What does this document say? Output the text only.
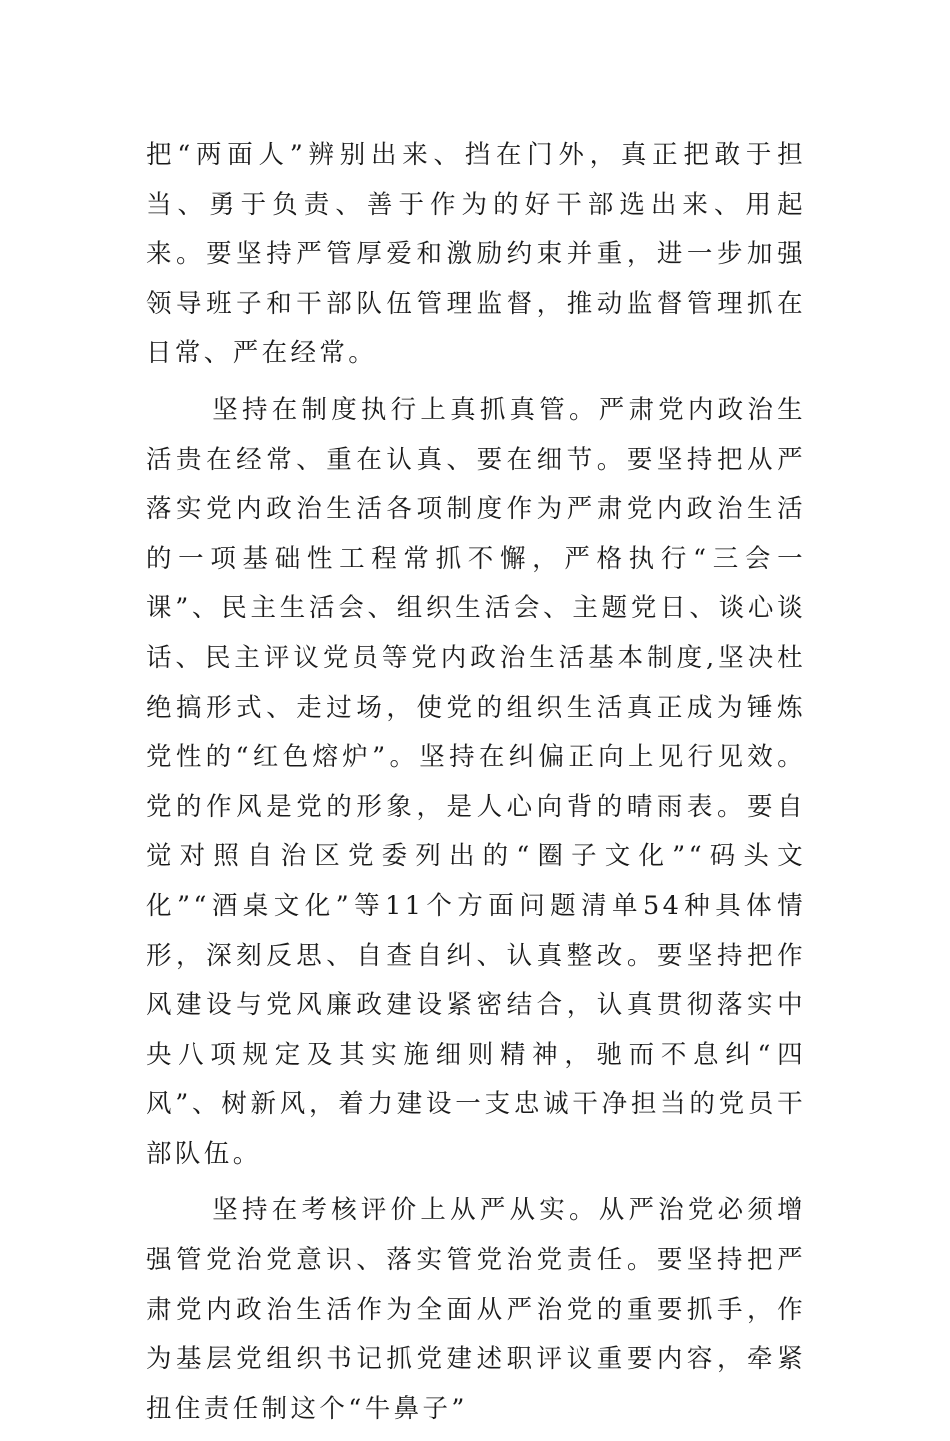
把“两面人”辨别出来、挡在门外，真正把敢于担当、勇于负责、善于作为的好干部选出来、用起来。要坚持严管厚爱和激励约束并重，进一步加强领导班子和干部队伍管理监督，推动监督管理抓在日常、严在经常。

坚持在制度执行上真抓真管。严肃党内政治生活贵在经常、重在认真、要在细节。要坚持把从严落实党内政治生活各项制度作为严肃党内政治生活的一项基础性工程常抓不懈，严格执行“三会一课”、民主生活会、组织生活会、主题党日、谈心谈话、民主评议党员等党内政治生活基本制度,坚决杜绝搞形式、走过场，使党的组织生活真正成为锤炼党性的“红色熔炉”。坚持在纠偏正向上见行见效。党的作风是党的形象，是人心向背的晴雨表。要自觉对照自治区党委列出的“圈子文化”“码头文化”“酒桌文化”等11个方面问题清单54种具体情形，深刻反思、自查自纠、认真整改。要坚持把作风建设与党风廉政建设紧密结合，认真贯彻落实中央八项规定及其实施细则精神，驰而不息纠“四风”、树新风，着力建设一支忠诚干净担当的党员干部队伍。

坚持在考核评价上从严从实。从严治党必须增强管党治党意识、落实管党治党责任。要坚持把严肃党内政治生活作为全面从严治党的重要抓手，作为基层党组织书记抓党建述职评议重要内容，牵紧扭住责任制这个“牛鼻子”
